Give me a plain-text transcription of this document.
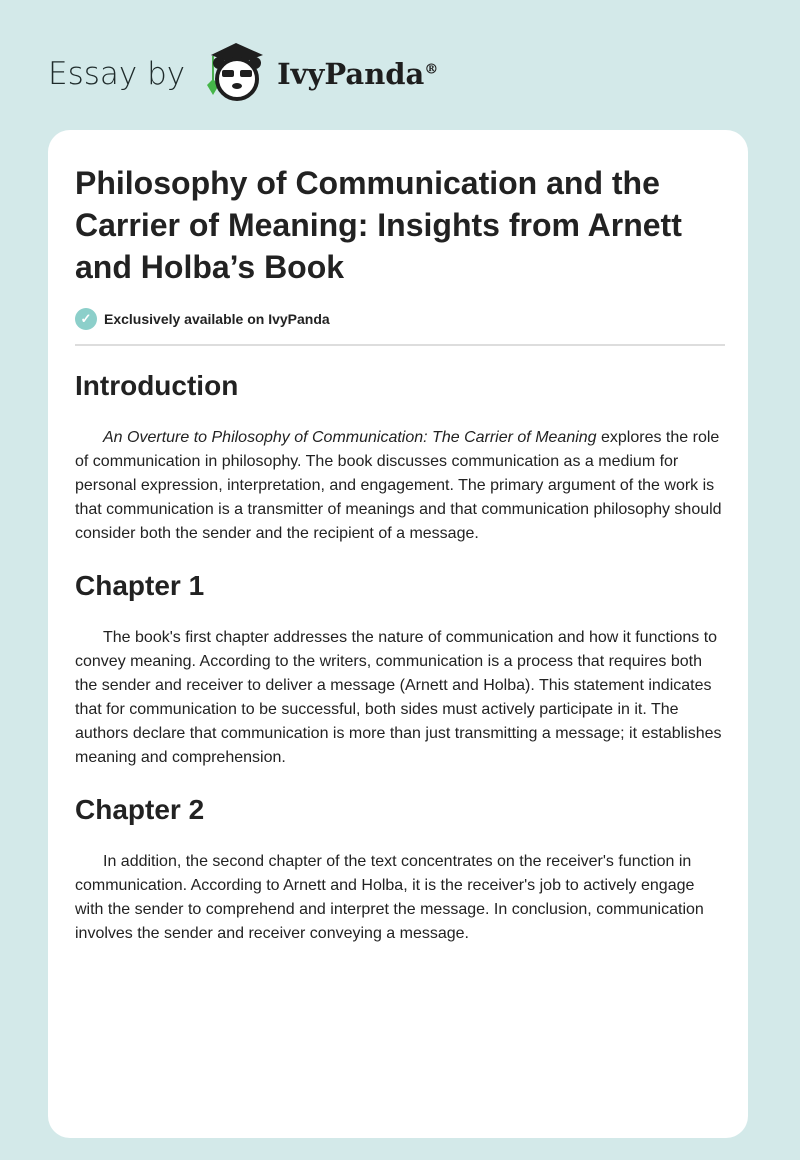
Essay by	IvyPanda®
Philosophy of Communication and the Carrier of Meaning: Insights from Arnett and Holba’s Book
✓ Exclusively available on IvyPanda
Introduction

An Overture to Philosophy of Communication: The Carrier of Meaning explores the role of communication in philosophy. The book discusses communication as a medium for personal expression, interpretation, and engagement. The primary argument of the work is that communication is a transmitter of meanings and that communication philosophy should consider both the sender and the recipient of a message.

Chapter 1

The book's first chapter addresses the nature of communication and how it functions to convey meaning. According to the writers, communication is a process that requires both the sender and receiver to deliver a message (Arnett and Holba). This statement indicates that for communication to be successful, both sides must actively participate in it. The authors declare that communication is more than just transmitting a message; it establishes meaning and comprehension.

Chapter 2

In addition, the second chapter of the text concentrates on the receiver's function in communication. According to Arnett and Holba, it is the receiver's job to actively engage with the sender to comprehend and interpret the message. In conclusion, communication involves the sender and receiver conveying a message.
